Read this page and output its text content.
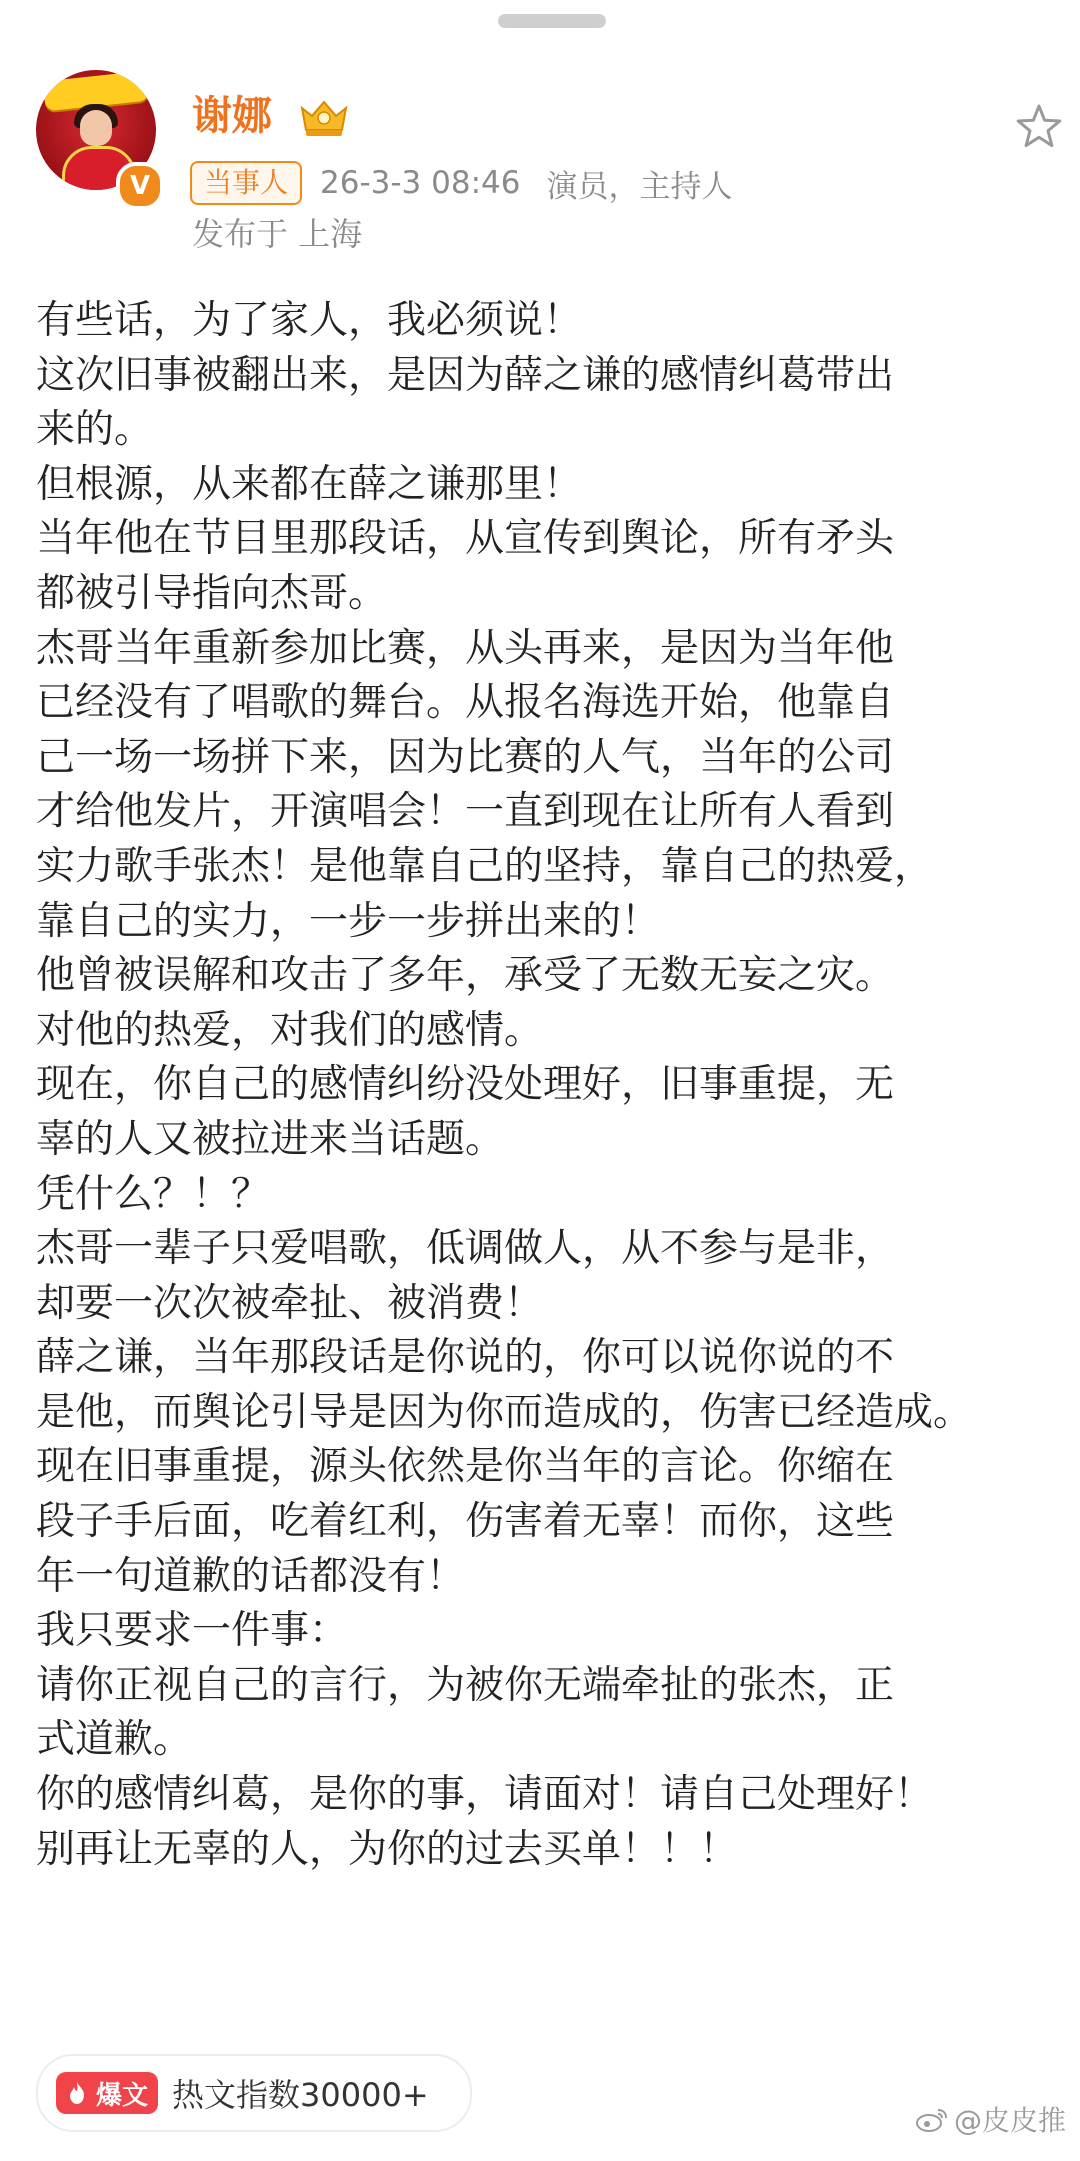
V
谢娜
当事人	26-3-3 08:46 演员，主持人
发布于 上海
有些话，为了家人，我必须说！
这次旧事被翻出来，是因为薛之谦的感情纠葛带出
来的。
但根源，从来都在薛之谦那里！
当年他在节目里那段话，从宣传到舆论，所有矛头
都被引导指向杰哥。
杰哥当年重新参加比赛，从头再来，是因为当年他
已经没有了唱歌的舞台。从报名海选开始，他靠自
己一场一场拼下来，因为比赛的人气，当年的公司
才给他发片，开演唱会！一直到现在让所有人看到
实力歌手张杰！是他靠自己的坚持，靠自己的热爱，
靠自己的实力，一步一步拼出来的！
他曾被误解和攻击了多年，承受了无数无妄之灾。
对他的热爱，对我们的感情。
现在，你自己的感情纠纷没处理好，旧事重提，无
辜的人又被拉进来当话题。
凭什么？！？
杰哥一辈子只爱唱歌，低调做人，从不参与是非，
却要一次次被牵扯、被消费！
薛之谦，当年那段话是你说的，你可以说你说的不
是他，而舆论引导是因为你而造成的，伤害已经造成。
现在旧事重提，源头依然是你当年的言论。你缩在
段子手后面，吃着红利，伤害着无辜！而你，这些
年一句道歉的话都没有！
我只要求一件事：
请你正视自己的言行，为被你无端牵扯的张杰，正
式道歉。
你的感情纠葛，是你的事，请面对！请自己处理好！
别再让无辜的人，为你的过去买单！！！
爆文 热文指数30000+
@皮皮推
